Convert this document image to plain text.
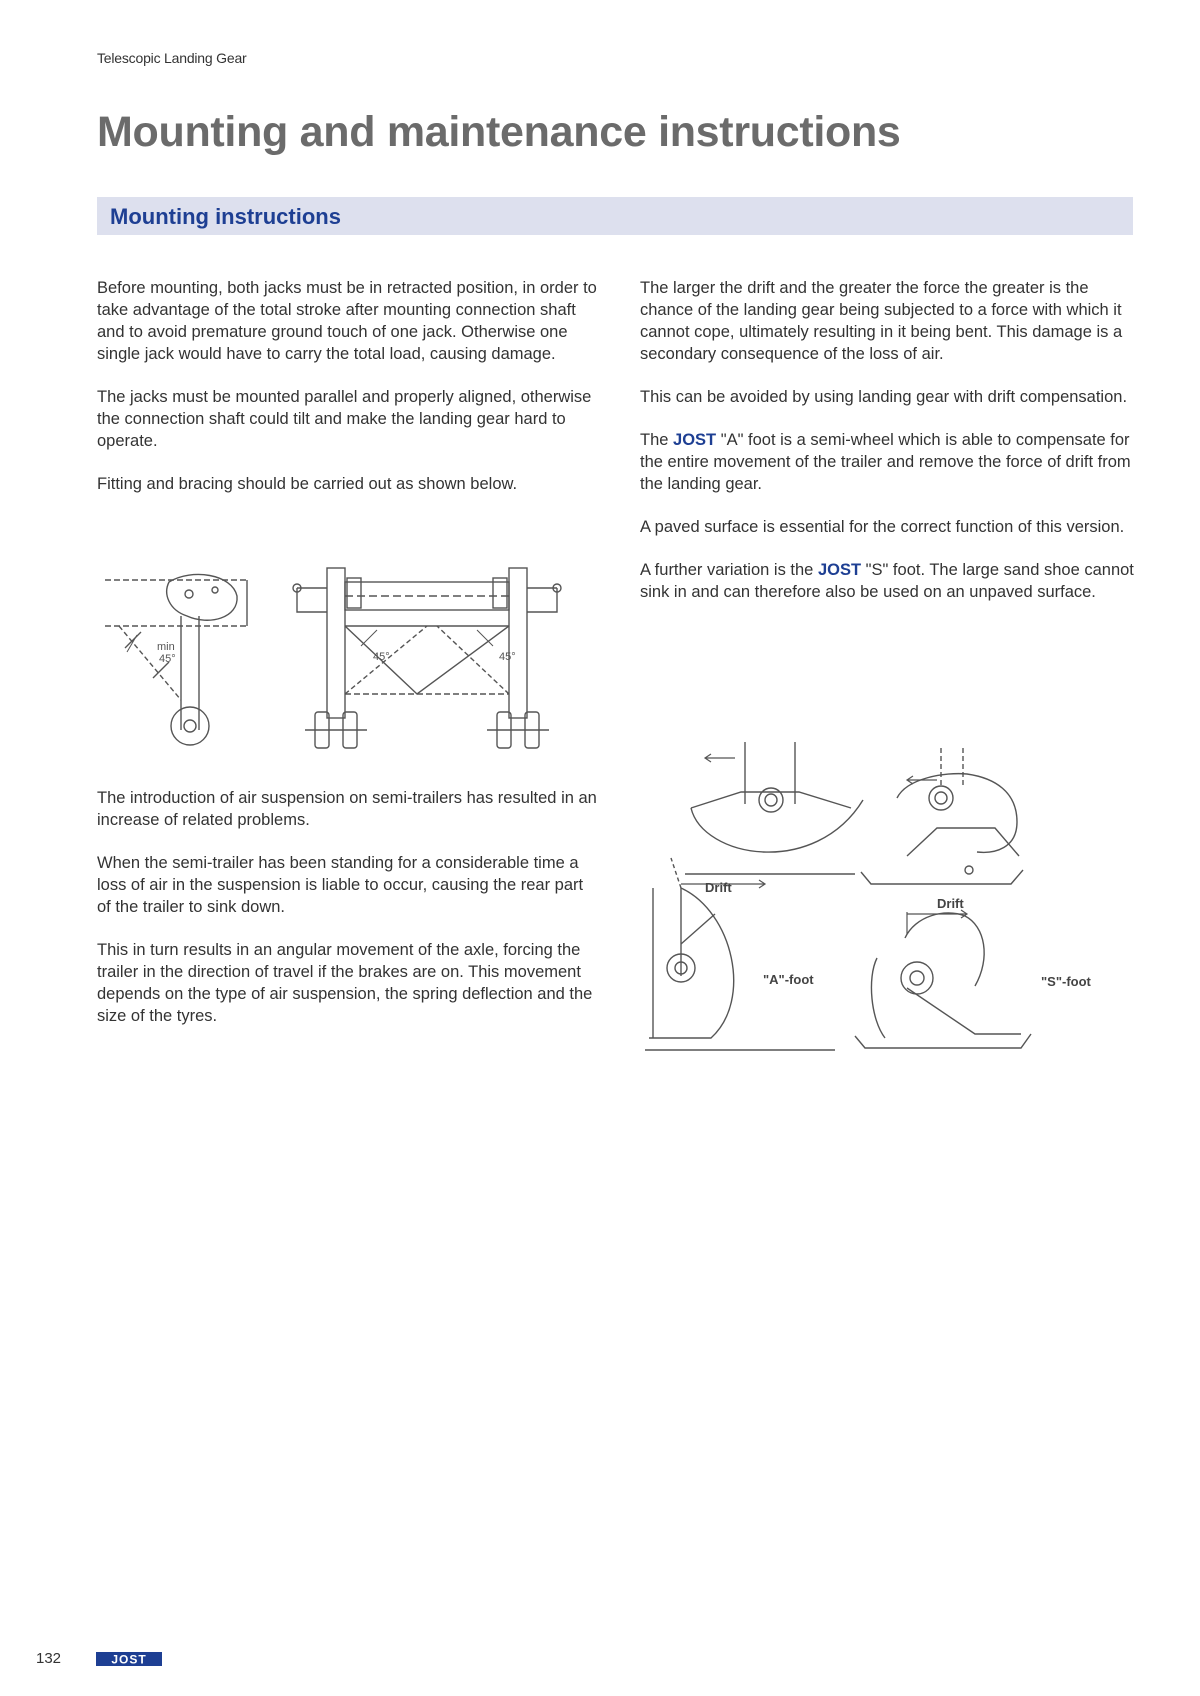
Telescopic Landing Gear
Mounting and maintenance instructions
Mounting instructions

Before mounting, both jacks must be in retracted position, in order to take advantage of the total stroke after mounting connection shaft and to avoid premature ground touch of one jack. Otherwise one single jack would have to carry the total load, causing damage.

The jacks must be mounted parallel and properly aligned, otherwise the connection shaft could tilt and make the landing gear hard to operate.

Fitting and bracing should be carried out as shown below.

min
45°	45°	45°

The introduction of air suspension on semi-trailers has resulted in an increase of related problems.

When the semi-trailer has been standing for a considerable time a loss of air in the suspension is liable to occur, causing the rear part of the trailer to sink down.

This in turn results in an angular movement of the axle, forcing the trailer in the direction of travel if the brakes are on. This movement depends on the type of air suspension, the spring deflection and the size of the tyres.

The larger the drift and the greater the force the greater is the chance of the landing gear being subjected to a force with which it cannot cope, ultimately resulting in it being bent. This damage is a secondary consequence of the loss of air.

This can be avoided by using landing gear with drift compensation.

The JOST "A" foot is a semi-wheel which is able to compensate for the entire movement of the trailer and remove the force of drift from the landing gear.

A paved surface is essential for the correct function of this version.

A further variation is the JOST "S" foot. The large sand shoe cannot sink in and can therefore also be used on an unpaved surface.

Drift
Drift
"A"-foot	"S"-foot
132	JOST
